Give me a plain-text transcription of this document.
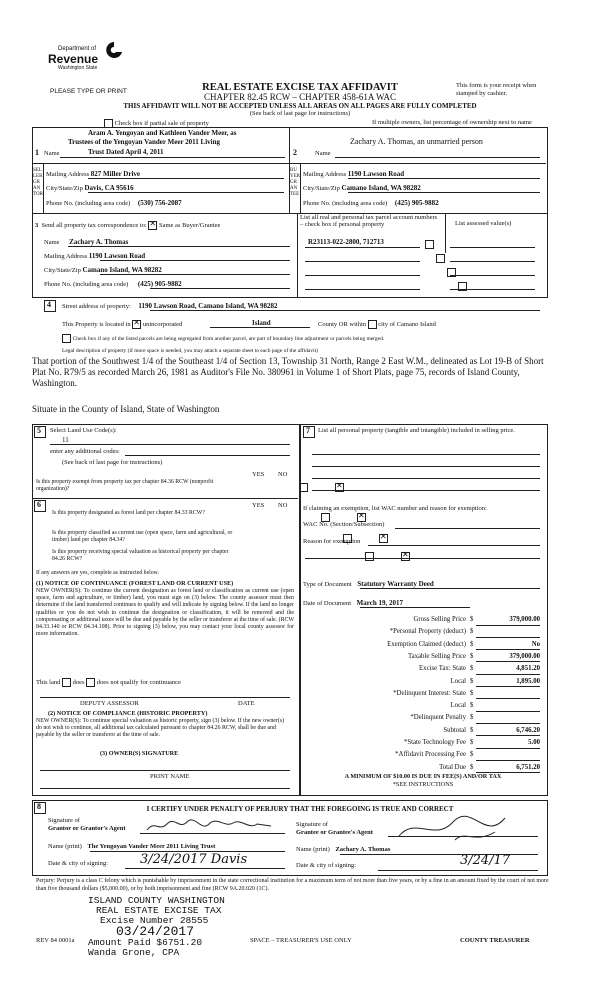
Department of
Revenue
Washington State
PLEASE TYPE OR PRINT	REAL ESTATE EXCISE TAX AFFIDAVIT
CHAPTER 82.45 RCW – CHAPTER 458-61A WAC
THIS AFFIDAVIT WILL NOT BE ACCEPTED UNLESS ALL AREAS ON ALL PAGES ARE FULLY COMPLETED
(See back of last page for instructions)
This form is your receipt when stamped by cashier.
Check box if partial sale of property	If multiple owners, list percentage of ownership next to name
1 Name
Aram A. Yengoyan and Kathleen Vander Meer, as
Trustees of the Yengoyan Vander Meer 2011 Living
Trust Dated April 4, 2011
SELLER GRANTOR
Mailing Address 827 Miller Drive
City/State/Zip Davis, CA 95616
Phone No. (including area code) (530) 756-2087
2	Name
Zachary A. Thomas, an unmarried person
BUYER GRANTEE
Mailing Address 1190 Lawson Road
City/State/Zip Camano Island, WA 98282
Phone No. (including area code) (425) 905-9882
3 Send all property tax correspondence to: ✕ Same as Buyer/Grantee
Name Zachary A. Thomas
Mailing Address 1190 Lawson Road
City/State/Zip Camano Island, WA 98282
Phone No. (including area code) (425) 905-9882
List all real and personal tax parcel account numbers – check box if personal property	List assessed value(s)
R23113-022-2800, 712713

4 Street address of property: 1190 Lawson Road, Camano Island, WA 98282
This Property is located in ✕ unincorporated	Island	County OR within city of Camano Island
Check box if any of the listed parcels are being segregated from another parcel, are part of boundary line adjustment or parcels being merged.
Legal description of property (if more space is needed, you may attach a separate sheet to each page of the affidavit)
That portion of the Southwest 1/4 of the Southeast 1/4 of Section 13, Township 31 North, Range 2 East W.M., delineated as Lot 19-B of Short Plat No. R79/5 as recorded March 26, 1981 as Auditor's File No. 380961 in Volume 1 of Short Plats, page 75, records of Island County, Washington.
Situate in the County of Island, State of Washington
5 Select Land Use Code(s):
11
enter any additional codes:
(See back of last page for instructions)
YES NO
Is this property exempt from property tax per chapter 84.36 RCW (nonprofit organization)?
✕
6	YES NO
Is this property designated as forest land per chapter 84.33 RCW?
✕
Is this property classified as current use (open space, farm and agricultural, or timber) land per chapter 84.34?
✕
Is this property receiving special valuation as historical property per chapter 84.26 RCW?
✕
If any answers are yes, complete as instructed below.
(1) NOTICE OF CONTINUANCE (FOREST LAND OR CURRENT USE)
NEW OWNER(S): To continue the current designation as forest land or classification as current use (open space, farm and agriculture, or timber) land, you must sign on (3) below. The county assessor must then determine if the land transferred continues to qualify and will indicate by signing below. If the land no longer qualifies or you do not wish to continue the designation or classification, it will be removed and the compensating or additional taxes will be due and payable by the seller or transferor at the time of sale. (RCW 84.33.140 or RCW 84.34.108). Prior to signing (3) below, you may contact your local county assessor for more information.
This land does does not qualify for continuance
DEPUTY ASSESSOR	DATE
(2) NOTICE OF COMPLIANCE (HISTORIC PROPERTY)
NEW OWNER(S): To continue special valuation as historic property, sign (3) below. If the new owner(s) do not wish to continue, all additional tax calculated pursuant to chapter 84.26 RCW, shall be due and payable by the seller or transferor at the time of sale.
(3) OWNER(S) SIGNATURE
PRINT NAME
7 List all personal property (tangible and intangible) included in selling price.
If claiming an exemption, list WAC number and reason for exemption:
WAC No. (Section/Subsection)
Reason for exemption
Type of Document Statutory Warranty Deed
Date of Document March 19, 2017
Gross Selling Price $	379,000.00
*Personal Property (deduct) $
Exemption Claimed (deduct) $	No
Taxable Selling Price $	379,000.00
Excise Tax: State $	4,851.20
Local $	1,895.00
*Delinquent Interest: State $
Local $
*Delinquent Penalty $
Subtotal $	6,746.20
*State Technology Fee $	5.00
*Affidavit Processing Fee $
Total Due $	6,751.20
A MINIMUM OF $10.00 IS DUE IN FEE(S) AND/OR TAX
*SEE INSTRUCTIONS
8	I CERTIFY UNDER PENALTY OF PERJURY THAT THE FOREGOING IS TRUE AND CORRECT
Signature of
Grantor or Grantor's Agent
Name (print) The Yengoyan Vander Meer 2011 Living Trust
Date & city of signing: 3/24/2017 Davis
Signature of
Grantee or Grantee's Agent
Name (print) Zachary A. Thomas
Date & city of signing:	3/24/17
Perjury: Perjury is a class C felony which is punishable by imprisonment in the state correctional institution for a maximum term of not more than five years, or by a fine in an amount fixed by the court of not more than five thousand dollars ($5,000.00), or by both imprisonment and fine (RCW 9A.20.020 (1C).
ISLAND COUNTY WASHINGTON
REAL ESTATE EXCISE TAX
Excise Number 28555
03/24/2017
Amount Paid $6751.20
Wanda Grone, CPA
REV 84 0001a	SPACE – TREASURER'S USE ONLY	COUNTY TREASURER
